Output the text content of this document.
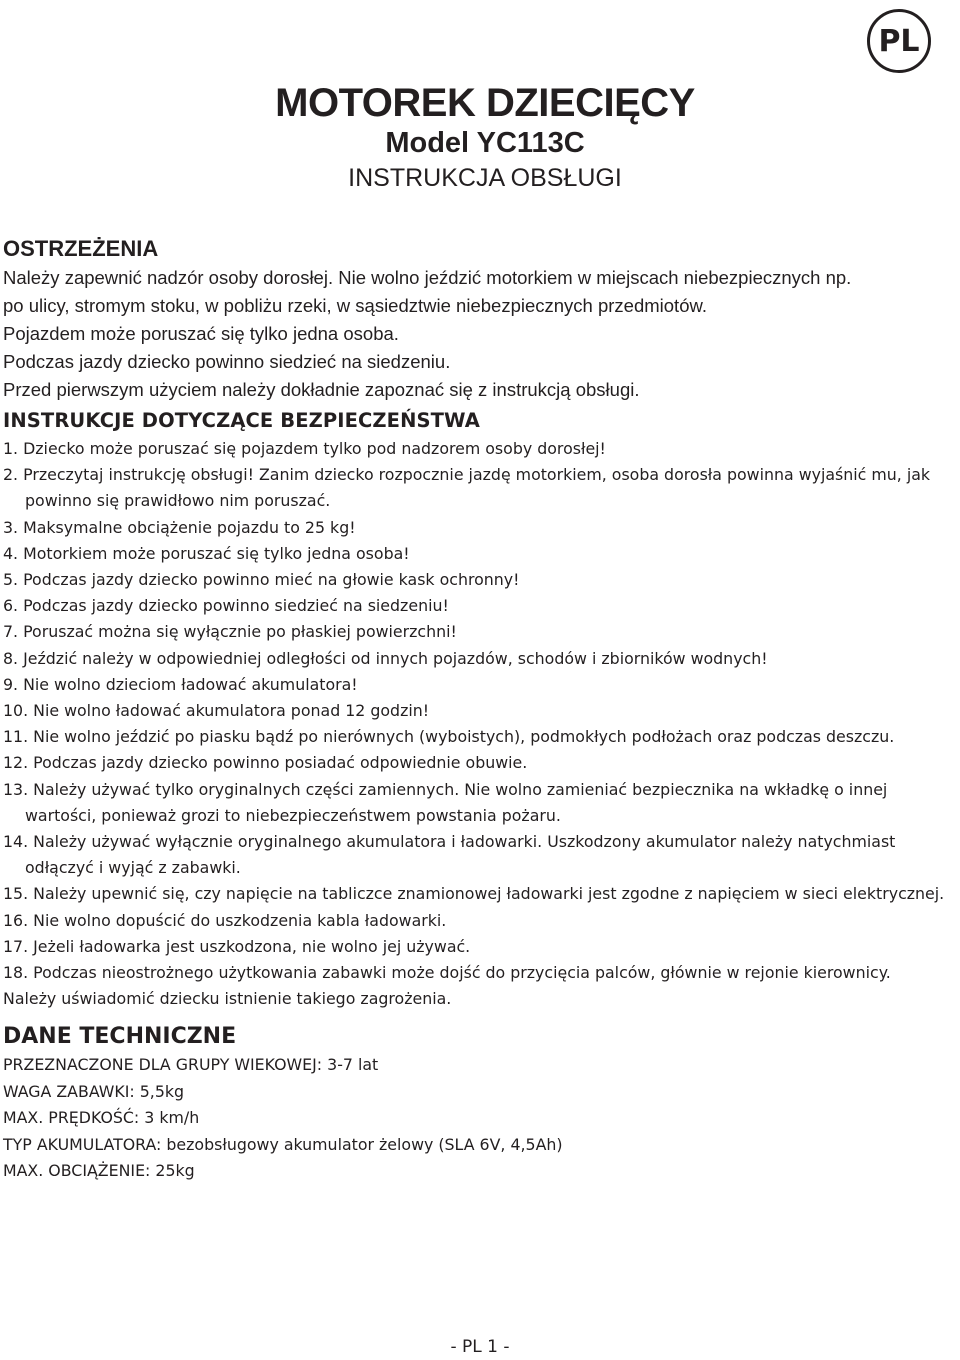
PL
MOTOREK DZIECIĘCY

Model YC113C

INSTRUKCJA OBSŁUGI

OSTRZEŻENIA

Należy zapewnić nadzór osoby dorosłej. Nie wolno jeździć motorkiem w miejscach niebezpiecznych np.

po ulicy, stromym stoku, w pobliżu rzeki, w sąsiedztwie niebezpiecznych przedmiotów.

Pojazdem może poruszać się tylko jedna osoba.

Podczas jazdy dziecko powinno siedzieć na siedzeniu.

Przed pierwszym użyciem należy dokładnie zapoznać się z instrukcją obsługi.

INSTRUKCJE DOTYCZĄCE BEZPIECZEŃSTWA

1. Dziecko może poruszać się pojazdem tylko pod nadzorem osoby dorosłej!

2. Przeczytaj instrukcję obsługi! Zanim dziecko rozpocznie jazdę motorkiem, osoba dorosła powinna wyjaśnić mu, jak powinno się prawidłowo nim poruszać.

3. Maksymalne obciążenie pojazdu to 25 kg!

4. Motorkiem może poruszać się tylko jedna osoba!

5. Podczas jazdy dziecko powinno mieć na głowie kask ochronny!

6. Podczas jazdy dziecko powinno siedzieć na siedzeniu!

7. Poruszać można się wyłącznie po płaskiej powierzchni!

8. Jeździć należy w odpowiedniej odległości od innych pojazdów, schodów i zbiorników wodnych!

9. Nie wolno dzieciom ładować akumulatora!

10. Nie wolno ładować akumulatora ponad 12 godzin!

11. Nie wolno jeździć po piasku bądź po nierównych (wyboistych), podmokłych podłożach oraz podczas deszczu.

12. Podczas jazdy dziecko powinno posiadać odpowiednie obuwie.

13. Należy używać tylko oryginalnych części zamiennych. Nie wolno zamieniać bezpiecznika na wkładkę o innej wartości, ponieważ grozi to niebezpieczeństwem powstania pożaru.

14. Należy używać wyłącznie oryginalnego akumulatora i ładowarki. Uszkodzony akumulator należy natychmiast odłączyć i wyjąć z zabawki.

15. Należy upewnić się, czy napięcie na tabliczce znamionowej ładowarki jest zgodne z napięciem w sieci elektrycznej.

16. Nie wolno dopuścić do uszkodzenia kabla ładowarki.

17. Jeżeli ładowarka jest uszkodzona, nie wolno jej używać.

18. Podczas nieostrożnego użytkowania zabawki może dojść do przycięcia palców, głównie w rejonie kierownicy.

Należy uświadomić dziecku istnienie takiego zagrożenia.

DANE TECHNICZNE

PRZEZNACZONE DLA GRUPY WIEKOWEJ: 3-7 lat

WAGA ZABAWKI: 5,5kg

MAX. PRĘDKOŚĆ: 3 km/h

TYP AKUMULATORA: bezobsługowy akumulator żelowy (SLA 6V, 4,5Ah)

MAX. OBCIĄŻENIE: 25kg

- PL 1 -
